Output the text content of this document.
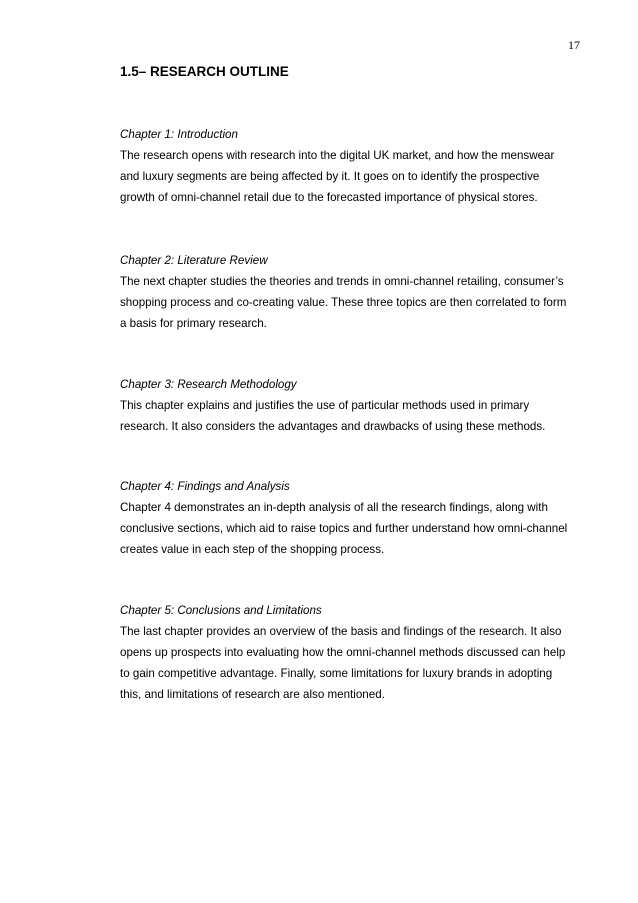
17
1.5– RESEARCH OUTLINE
Chapter 1: Introduction
The research opens with research into the digital UK market, and how the menswear
and luxury segments are being affected by it. It goes on to identify the prospective
growth of omni-channel retail due to the forecasted importance of physical stores.
Chapter 2: Literature Review
The next chapter studies the theories and trends in omni-channel retailing, consumer’s
shopping process and co-creating value. These three topics are then correlated to form
a basis for primary research.
Chapter 3: Research Methodology
This chapter explains and justifies the use of particular methods used in primary
research. It also considers the advantages and drawbacks of using these methods.
Chapter 4: Findings and Analysis
Chapter 4 demonstrates an in-depth analysis of all the research findings, along with
conclusive sections, which aid to raise topics and further understand how omni-channel
creates value in each step of the shopping process.
Chapter 5: Conclusions and Limitations
The last chapter provides an overview of the basis and findings of the research. It also
opens up prospects into evaluating how the omni-channel methods discussed can help
to gain competitive advantage. Finally, some limitations for luxury brands in adopting
this, and limitations of research are also mentioned.
